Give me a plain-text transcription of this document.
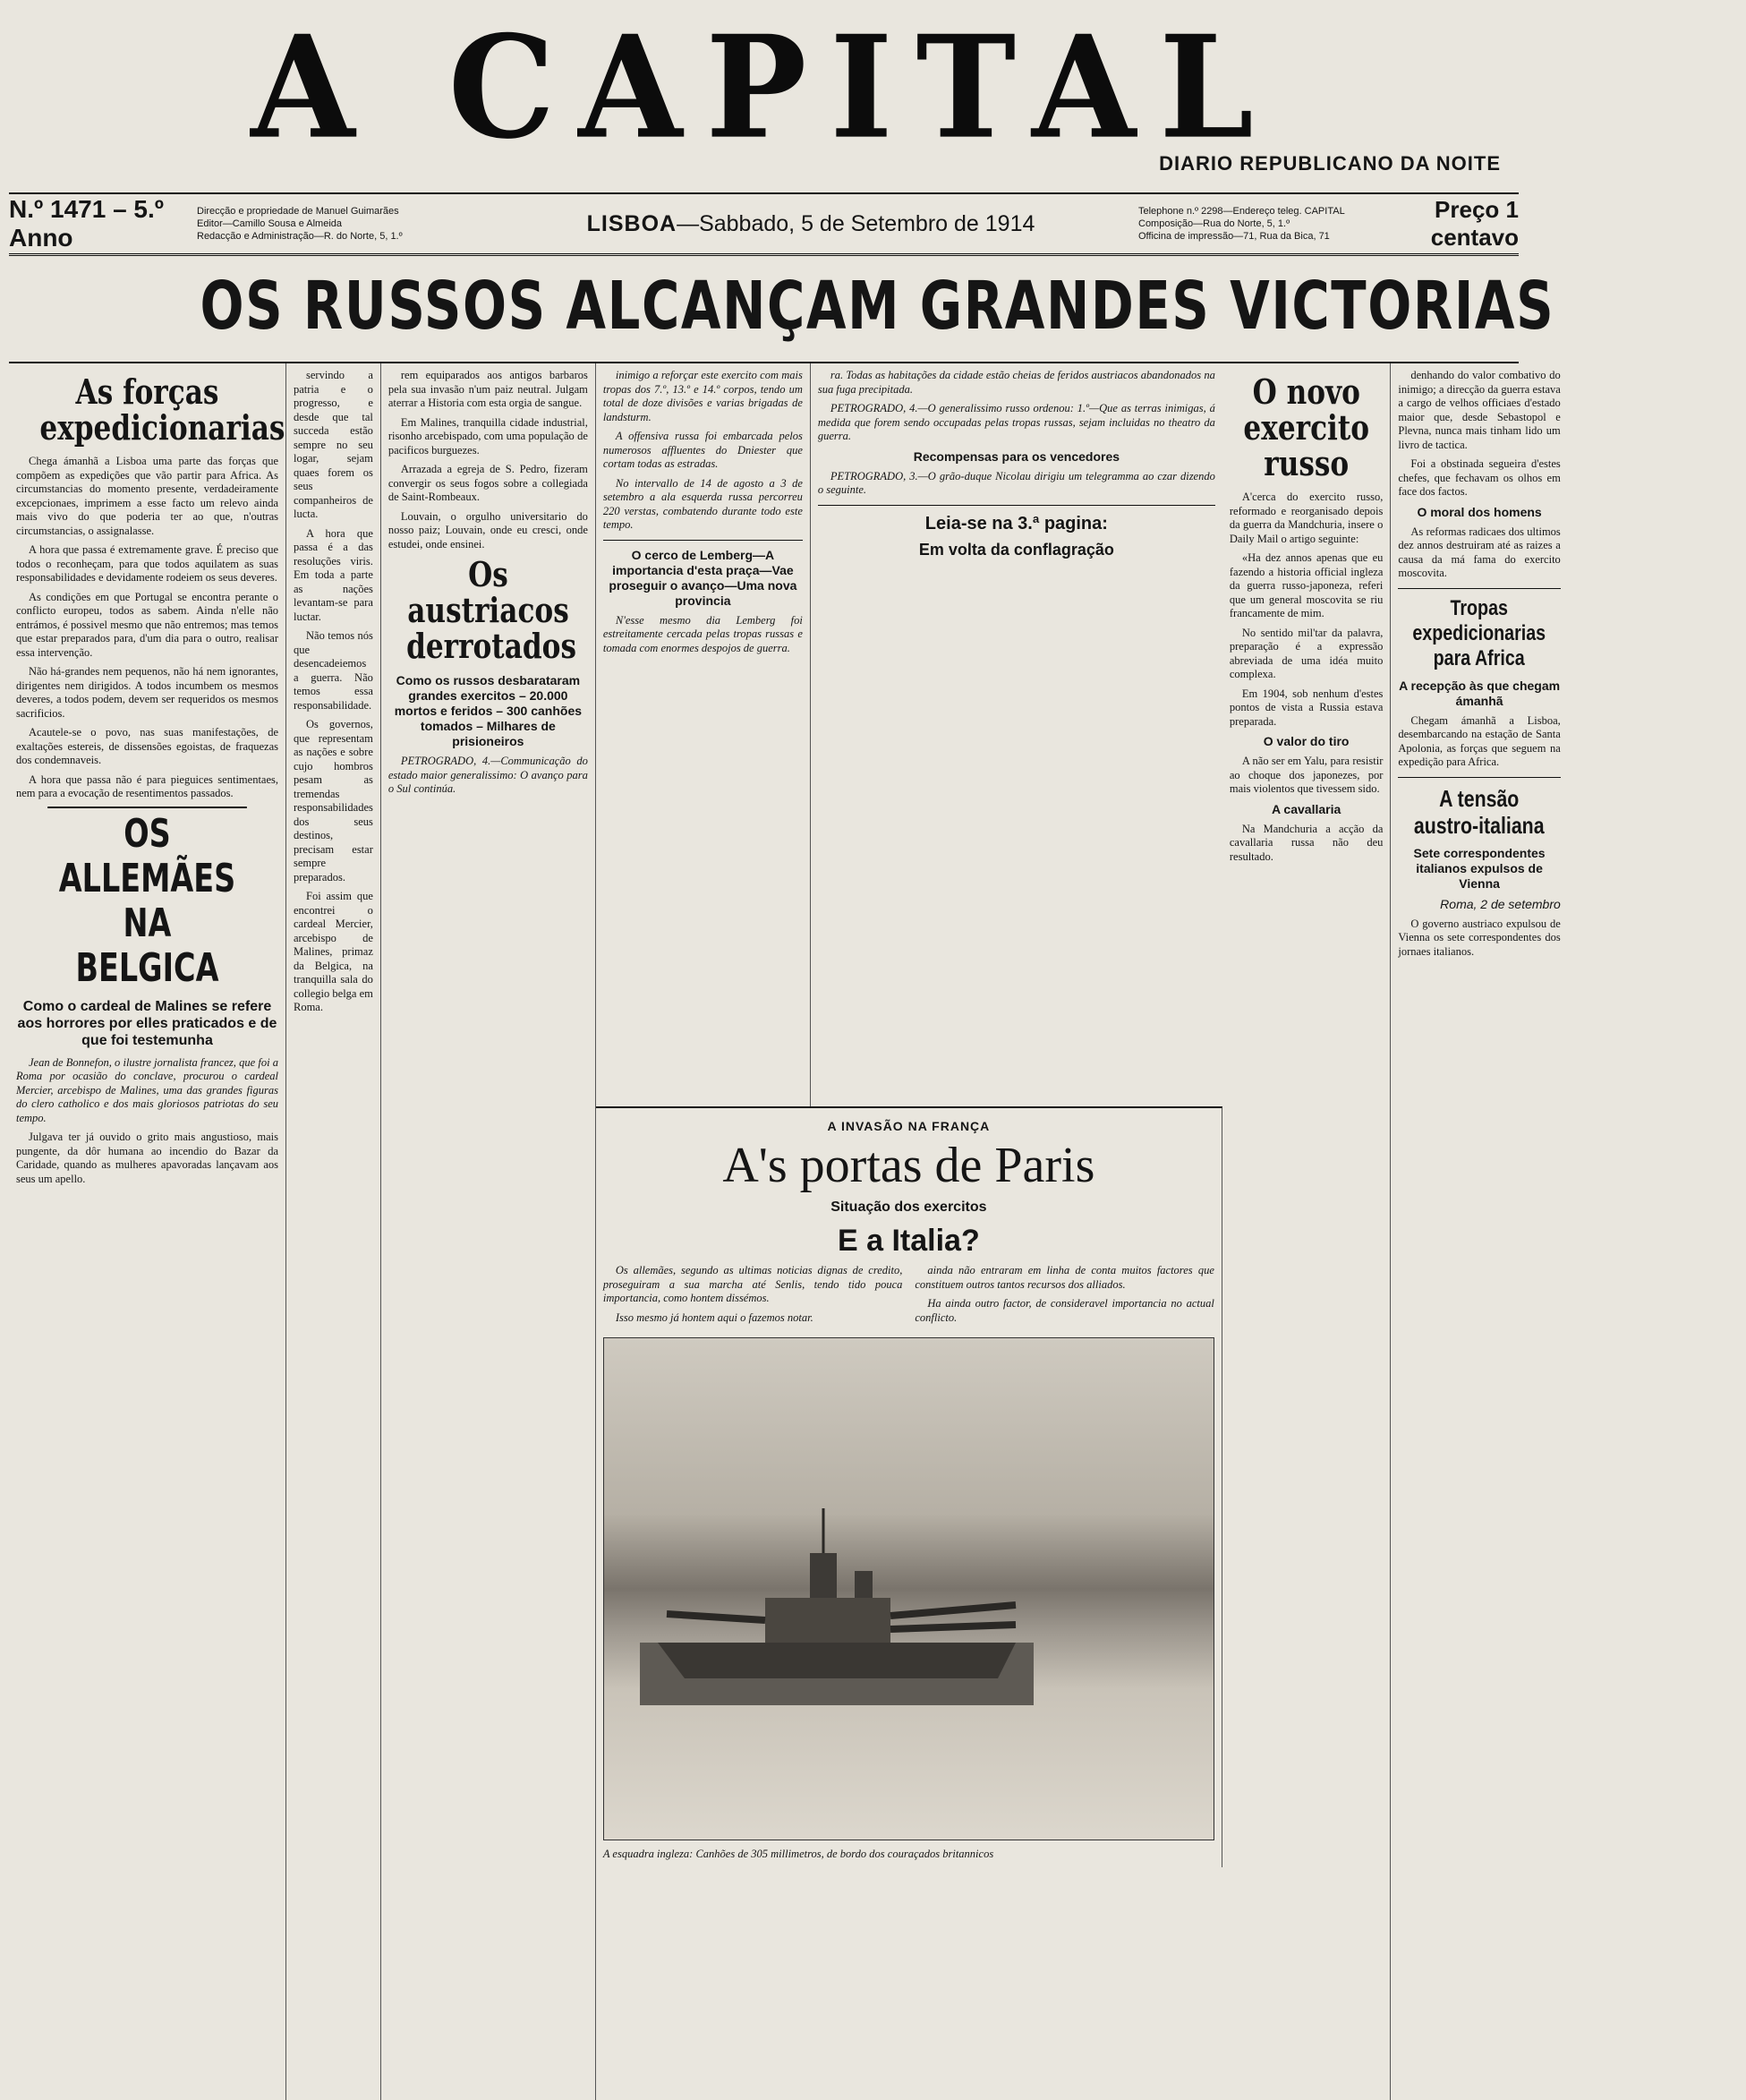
A CAPITAL
DIARIO REPUBLICANO DA NOITE
N.º 1471 – 5.º Anno
Direcção e propriedade de Manuel Guimarães
Editor—Camillo Sousa e Almeida
Redacção e Administração—R. do Norte, 5, 1.º
LISBOA—Sabbado, 5 de Setembro de 1914	Telephone n.º 2298—Endereço teleg. CAPITAL
Composição—Rua do Norte, 5, 1.º
Officina de impressão—71, Rua da Bica, 71
Preço 1 centavo
OS RUSSOS ALCANÇAM GRANDES VICTORIAS
As forças expedicionarias

Chega ámanhã a Lisboa uma parte das forças que compõem as expedições que vão partir para Africa. As circumstancias do momento presente, verdadeiramente excepcionaes, imprimem a esse facto um relevo ainda mais vivo do que poderia ter ao que, n'outras circumstancias, o assignalasse.

A hora que passa é extremamente grave. É preciso que todos o reconheçam, para que todos aquilatem as suas responsabilidades e devidamente rodeiem os seus deveres.

As condições em que Portugal se encontra perante o conflicto europeu, todos as sabem. Ainda n'elle não entrámos, é possivel mesmo que não entremos; mas temos que estar preparados para, d'um dia para o outro, realisar essa intervenção.

Não há-grandes nem pequenos, não há nem ignorantes, dirigentes nem dirigidos. A todos incumbem os mesmos deveres, a todos podem, devem ser requeridos os mesmos sacrificios.

Acautele-se o povo, nas suas manifestações, de exaltações estereis, de dissensões egoistas, de fraquezas dos condemnaveis.

A hora que passa não é para pieguices sentimentaes, nem para a evocação de resentimentos passados.

OS ALLEMÃES NA BELGICA
Como o cardeal de Malines se refere aos horrores por elles praticados e de que foi testemunha

Jean de Bonnefon, o ilustre jornalista francez, que foi a Roma por ocasião do conclave, procurou o cardeal Mercier, arcebispo de Malines, uma das grandes figuras do clero catholico e dos mais gloriosos patriotas do seu tempo.

Julgava ter já ouvido o grito mais angustioso, mais pungente, da dôr humana ao incendio do Bazar da Caridade, quando as mulheres apavoradas lançavam aos seus um apello.

servindo a patria e o progresso, e desde que tal succeda estão sempre no seu logar, sejam quaes forem os seus companheiros de lucta.

A hora que passa é a das resoluções viris. Em toda a parte as nações levantam-se para luctar.

Não temos nós que desencadeiemos a guerra. Não temos essa responsabilidade.

Os governos, que representam as nações e sobre cujo hombros pesam as tremendas responsabilidades dos seus destinos, precisam estar sempre preparados.

Foi assim que encontrei o cardeal Mercier, arcebispo de Malines, primaz da Belgica, na tranquilla sala do collegio belga em Roma.

rem equiparados aos antigos barbaros pela sua invasão n'um paiz neutral. Julgam aterrar a Historia com esta orgia de sangue.

Em Malines, tranquilla cidade industrial, risonho arcebispado, com uma população de pacificos burguezes.

Arrazada a egreja de S. Pedro, fizeram convergir os seus fogos sobre a collegiada de Saint-Rombeaux.

Louvain, o orgulho universitario do nosso paiz; Louvain, onde eu cresci, onde estudei, onde ensinei.

Os austriacos derrotados
Como os russos desbarataram grandes exercitos – 20.000 mortos e feridos – 300 canhões tomados – Milhares de prisioneiros

PETROGRADO, 4.—Communicação do estado maior generalissimo: O avanço para o Sul continúa.

inimigo a reforçar este exercito com mais tropas dos 7.º, 13.º e 14.º corpos, tendo um total de doze divisões e varias brigadas de landsturm.

A offensiva russa foi embarcada pelos numerosos affluentes do Dniester que cortam todas as estradas.

No intervallo de 14 de agosto a 3 de setembro a ala esquerda russa percorreu 220 verstas, combatendo durante todo este tempo.

O cerco de Lemberg—A importancia d'esta praça—Vae proseguir o avanço—Uma nova provincia

N'esse mesmo dia Lemberg foi estreitamente cercada pelas tropas russas e tomada com enormes despojos de guerra.

ra. Todas as habitações da cidade estão cheias de feridos austriacos abandonados na sua fuga precipitada.

PETROGRADO, 4.—O generalissimo russo ordenou: 1.º—Que as terras inimigas, á medida que forem sendo occupadas pelas tropas russas, sejam incluidas no theatro da guerra.

Recompensas para os vencedores

PETROGRADO, 3.—O grão-duque Nicolau dirigiu um telegramma ao czar dizendo o seguinte.

Leia-se na 3.ª pagina:
Em volta da conflagração
A INVASÃO NA FRANÇA
A's portas de Paris
Situação dos exercitos
E a Italia?

Os allemães, segundo as ultimas noticias dignas de credito, proseguiram a sua marcha até Senlis, tendo tido pouca importancia, como hontem dissémos.

Isso mesmo já hontem aqui o fazemos notar.

ainda não entraram em linha de conta muitos factores que constituem outros tantos recursos dos alliados.

Ha ainda outro factor, de consideravel importancia no actual conflicto.

A esquadra ingleza: Canhões de 305 millimetros, de bordo dos couraçados britannicos
O novo exercito russo

A'cerca do exercito russo, reformado e reorganisado depois da guerra da Mandchuria, insere o Daily Mail o artigo seguinte:

«Ha dez annos apenas que eu fazendo a historia official ingleza da guerra russo-japoneza, referi que um general moscovita se riu francamente de mim.

No sentido mil'tar da palavra, preparação é a expressão abreviada de uma idéa muito complexa.

Em 1904, sob nenhum d'estes pontos de vista a Russia estava preparada.

O valor do tiro

A não ser em Yalu, para resistir ao choque dos japonezes, por mais violentos que tivessem sido.

A cavallaria

Na Mandchuria a acção da cavallaria russa não deu resultado.

denhando do valor combativo do inimigo; a direcção da guerra estava a cargo de velhos officiaes d'estado maior que, desde Sebastopol e Plevna, nunca mais tinham lido um livro de tactica.

Foi a obstinada segueira d'estes chefes, que fechavam os olhos em face dos factos.

O moral dos homens

As reformas radicaes dos ultimos dez annos destruiram até as raizes a causa da má fama do exercito moscovita.

Tropas expedicionarias para Africa
A recepção às que chegam ámanhã

Chegam ámanhã a Lisboa, desembarcando na estação de Santa Apolonia, as forças que seguem na expedição para Africa.

A tensão austro-italiana
Sete correspondentes italianos expulsos de Vienna
Roma, 2 de setembro

O governo austriaco expulsou de Vienna os sete correspondentes dos jornaes italianos.
